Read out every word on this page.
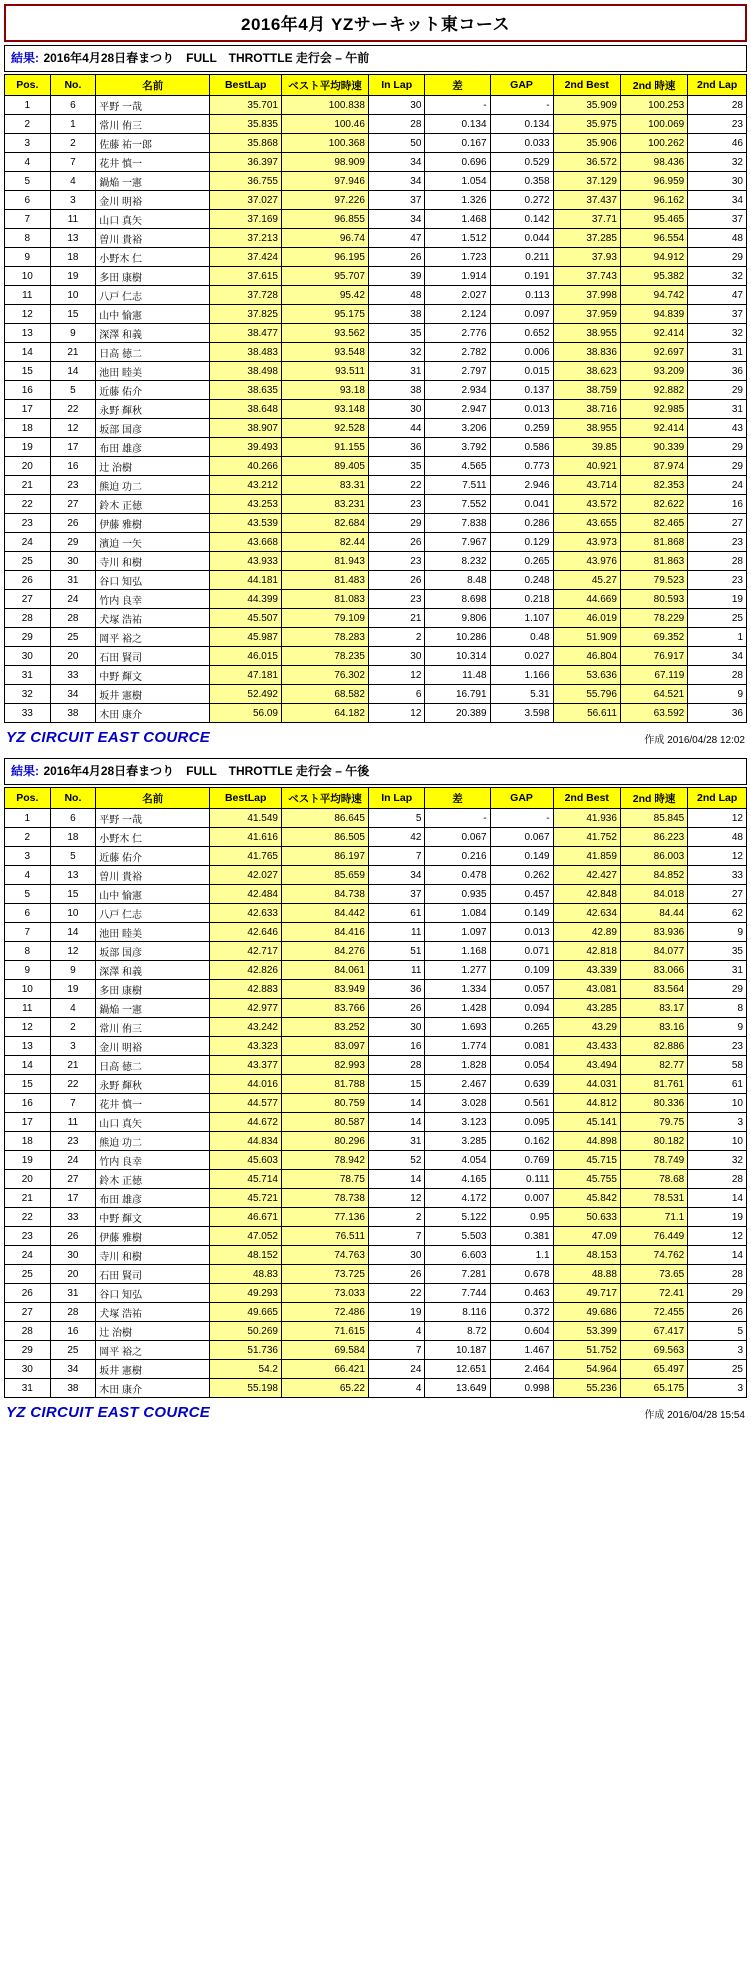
2016年4月 YZサーキット東コース
結果: 2016年4月28日春まつり　FULL　THROTTLE 走行会 – 午前
Pos.	No.	名前	BestLap	ベスト平均時速	In Lap	差	GAP	2nd Best	2nd 時速	2nd Lap
1	6	平野 一哉	35.701	100.838	30	-	-	35.909	100.253	28
2	1	常川 侑三	35.835	100.46	28	0.134	0.134	35.975	100.069	23
3	2	佐藤 祐一郎	35.868	100.368	50	0.167	0.033	35.906	100.262	46
4	7	花井 慎一	36.397	98.909	34	0.696	0.529	36.572	98.436	32
5	4	鍋焔 一憲	36.755	97.946	34	1.054	0.358	37.129	96.959	30
6	3	金川 明裕	37.027	97.226	37	1.326	0.272	37.437	96.162	34
7	11	山口 真矢	37.169	96.855	34	1.468	0.142	37.71	95.465	37
8	13	曽川 貴裕	37.213	96.74	47	1.512	0.044	37.285	96.554	48
9	18	小野木 仁	37.424	96.195	26	1.723	0.211	37.93	94.912	29
10	19	多田 康樹	37.615	95.707	39	1.914	0.191	37.743	95.382	32
11	10	八戸 仁志	37.728	95.42	48	2.027	0.113	37.998	94.742	47
12	15	山中 愉憲	37.825	95.175	38	2.124	0.097	37.959	94.839	37
13	9	深澤 和義	38.477	93.562	35	2.776	0.652	38.955	92.414	32
14	21	日高 徳二	38.483	93.548	32	2.782	0.006	38.836	92.697	31
15	14	池田 睦美	38.498	93.511	31	2.797	0.015	38.623	93.209	36
16	5	近藤 佑介	38.635	93.18	38	2.934	0.137	38.759	92.882	29
17	22	永野 輝秋	38.648	93.148	30	2.947	0.013	38.716	92.985	31
18	12	坂部 国彦	38.907	92.528	44	3.206	0.259	38.955	92.414	43
19	17	布田 雄彦	39.493	91.155	36	3.792	0.586	39.85	90.339	29
20	16	辻 治樹	40.266	89.405	35	4.565	0.773	40.921	87.974	29
21	23	熊迫 功二	43.212	83.31	22	7.511	2.946	43.714	82.353	24
22	27	鈴木 正徳	43.253	83.231	23	7.552	0.041	43.572	82.622	16
23	26	伊藤 雅樹	43.539	82.684	29	7.838	0.286	43.655	82.465	27
24	29	濱迫 一矢	43.668	82.44	26	7.967	0.129	43.973	81.868	23
25	30	寺川 和樹	43.933	81.943	23	8.232	0.265	43.976	81.863	28
26	31	谷口 知弘	44.181	81.483	26	8.48	0.248	45.27	79.523	23
27	24	竹内 良幸	44.399	81.083	23	8.698	0.218	44.669	80.593	19
28	28	犬塚 浩祐	45.507	79.109	21	9.806	1.107	46.019	78.229	25
29	25	岡平 裕之	45.987	78.283	2	10.286	0.48	51.909	69.352	1
30	20	石田 賢司	46.015	78.235	30	10.314	0.027	46.804	76.917	34
31	33	中野 輝文	47.181	76.302	12	11.48	1.166	53.636	67.119	28
32	34	坂井 憲樹	52.492	68.582	6	16.791	5.31	55.796	64.521	9
33	38	木田 康介	56.09	64.182	12	20.389	3.598	56.611	63.592	36
YZ CIRCUIT EAST COURCE	作成 2016/04/28 12:02
結果: 2016年4月28日春まつり　FULL　THROTTLE 走行会 – 午後
Pos.	No.	名前	BestLap	ベスト平均時速	In Lap	差	GAP	2nd Best	2nd 時速	2nd Lap
1	6	平野 一哉	41.549	86.645	5	-	-	41.936	85.845	12
2	18	小野木 仁	41.616	86.505	42	0.067	0.067	41.752	86.223	48
3	5	近藤 佑介	41.765	86.197	7	0.216	0.149	41.859	86.003	12
4	13	曽川 貴裕	42.027	85.659	34	0.478	0.262	42.427	84.852	33
5	15	山中 愉憲	42.484	84.738	37	0.935	0.457	42.848	84.018	27
6	10	八戸 仁志	42.633	84.442	61	1.084	0.149	42.634	84.44	62
7	14	池田 睦美	42.646	84.416	11	1.097	0.013	42.89	83.936	9
8	12	坂部 国彦	42.717	84.276	51	1.168	0.071	42.818	84.077	35
9	9	深澤 和義	42.826	84.061	11	1.277	0.109	43.339	83.066	31
10	19	多田 康樹	42.883	83.949	36	1.334	0.057	43.081	83.564	29
11	4	鍋焔 一憲	42.977	83.766	26	1.428	0.094	43.285	83.17	8
12	2	常川 侑三	43.242	83.252	30	1.693	0.265	43.29	83.16	9
13	3	金川 明裕	43.323	83.097	16	1.774	0.081	43.433	82.886	23
14	21	日高 徳二	43.377	82.993	28	1.828	0.054	43.494	82.77	58
15	22	永野 輝秋	44.016	81.788	15	2.467	0.639	44.031	81.761	61
16	7	花井 慎一	44.577	80.759	14	3.028	0.561	44.812	80.336	10
17	11	山口 真矢	44.672	80.587	14	3.123	0.095	45.141	79.75	3
18	23	熊迫 功二	44.834	80.296	31	3.285	0.162	44.898	80.182	10
19	24	竹内 良幸	45.603	78.942	52	4.054	0.769	45.715	78.749	32
20	27	鈴木 正徳	45.714	78.75	14	4.165	0.111	45.755	78.68	28
21	17	布田 雄彦	45.721	78.738	12	4.172	0.007	45.842	78.531	14
22	33	中野 輝文	46.671	77.136	2	5.122	0.95	50.633	71.1	19
23	26	伊藤 雅樹	47.052	76.511	7	5.503	0.381	47.09	76.449	12
24	30	寺川 和樹	48.152	74.763	30	6.603	1.1	48.153	74.762	14
25	20	石田 賢司	48.83	73.725	26	7.281	0.678	48.88	73.65	28
26	31	谷口 知弘	49.293	73.033	22	7.744	0.463	49.717	72.41	29
27	28	犬塚 浩祐	49.665	72.486	19	8.116	0.372	49.686	72.455	26
28	16	辻 治樹	50.269	71.615	4	8.72	0.604	53.399	67.417	5
29	25	岡平 裕之	51.736	69.584	7	10.187	1.467	51.752	69.563	3
30	34	坂井 憲樹	54.2	66.421	24	12.651	2.464	54.964	65.497	25
31	38	木田 康介	55.198	65.22	4	13.649	0.998	55.236	65.175	3
YZ CIRCUIT EAST COURCE	作成 2016/04/28 15:54
